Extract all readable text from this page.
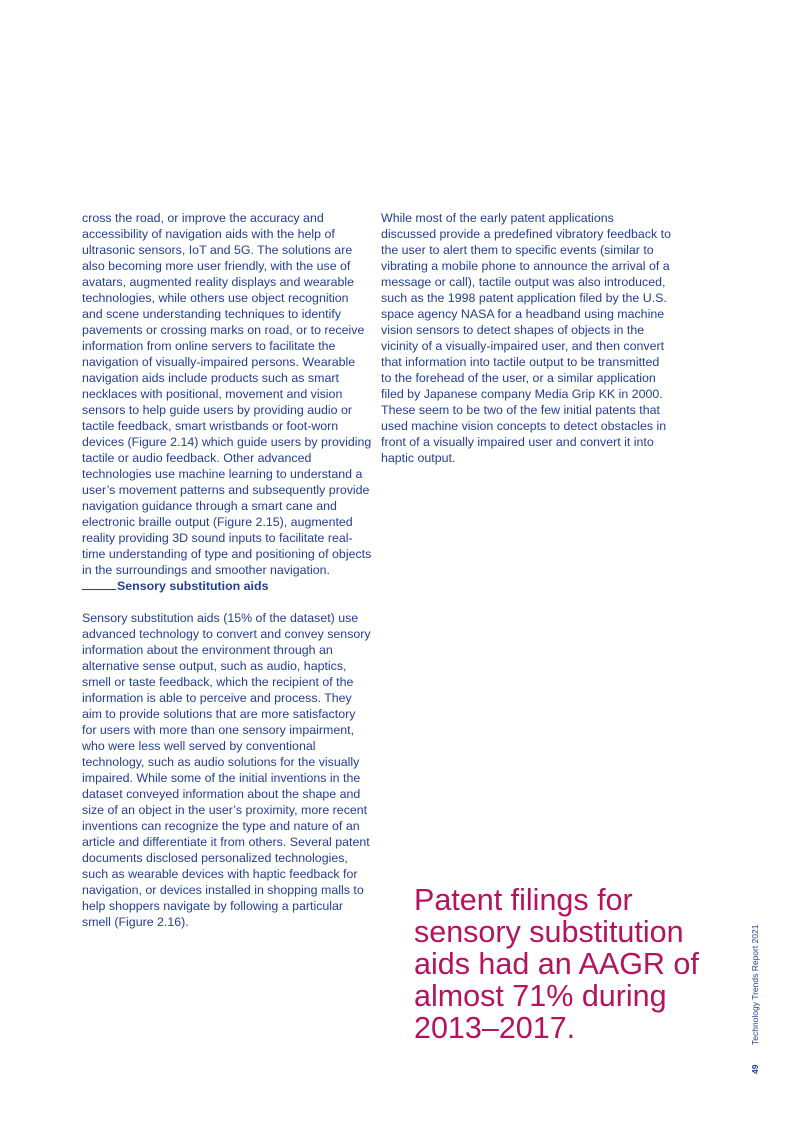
cross the road, or improve the accuracy and accessibility of navigation aids with the help of ultrasonic sensors, IoT and 5G. The solutions are also becoming more user friendly, with the use of avatars, augmented reality displays and wearable technologies, while others use object recognition and scene understanding techniques to identify pavements or crossing marks on road, or to receive information from online servers to facilitate the navigation of visually-impaired persons. Wearable navigation aids include products such as smart necklaces with positional, movement and vision sensors to help guide users by providing audio or tactile feedback, smart wristbands or foot-worn devices (Figure 2.14) which guide users by providing tactile or audio feedback. Other advanced technologies use machine learning to understand a user’s movement patterns and subsequently provide navigation guidance through a smart cane and electronic braille output (Figure 2.15), augmented reality providing 3D sound inputs to facilitate real-time understanding of type and positioning of objects in the surroundings and smoother navigation.

Sensory substitution aids

Sensory substitution aids (15% of the dataset) use advanced technology to convert and convey sensory information about the environment through an alternative sense output, such as audio, haptics, smell or taste feedback, which the recipient of the information is able to perceive and process. They aim to provide solutions that are more satisfactory for users with more than one sensory impairment, who were less well served by conventional technology, such as audio solutions for the visually impaired. While some of the initial inventions in the dataset conveyed information about the shape and size of an object in the user’s proximity, more recent inventions can recognize the type and nature of an article and differentiate it from others. Several patent documents disclosed personalized technologies, such as wearable devices with haptic feedback for navigation, or devices installed in shopping malls to help shoppers navigate by following a particular smell (Figure 2.16).

While most of the early patent applications discussed provide a predefined vibratory feedback to the user to alert them to specific events (similar to vibrating a mobile phone to announce the arrival of a message or call), tactile output was also introduced, such as the 1998 patent application filed by the U.S. space agency NASA for a headband using machine vision sensors to detect shapes of objects in the vicinity of a visually-impaired user, and then convert that information into tactile output to be transmitted to the forehead of the user, or a similar application filed by Japanese company Media Grip KK in 2000. These seem to be two of the few initial patents that used machine vision concepts to detect obstacles in front of a visually impaired user and convert it into haptic output.

Patent filings for sensory substitution aids had an AAGR of almost 71% during 2013–2017.	Technology Trends Report 2021
49
